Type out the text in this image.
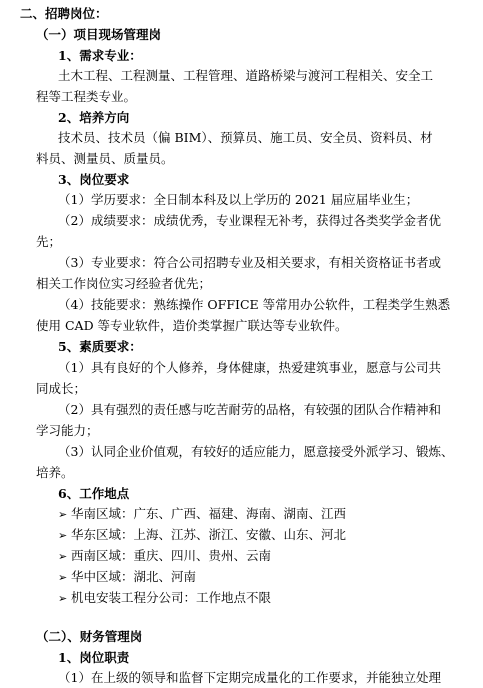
二、招聘岗位：
（一）项目现场管理岗
1、需求专业：
土木工程、工程测量、工程管理、道路桥梁与渡河工程相关、安全工
程等工程类专业。
2、培养方向
技术员、技术员（偏 BIM）、预算员、施工员、安全员、资料员、材
料员、测量员、质量员。
3、岗位要求
（1）学历要求：全日制本科及以上学历的 2021 届应届毕业生；
（2）成绩要求：成绩优秀，专业课程无补考，获得过各类奖学金者优
先；
（3）专业要求：符合公司招聘专业及相关要求，有相关资格证书者或
相关工作岗位实习经验者优先；
（4）技能要求：熟练操作 OFFICE 等常用办公软件，工程类学生熟悉
使用 CAD 等专业软件，造价类掌握广联达等专业软件。
5、素质要求：
（1）具有良好的个人修养，身体健康，热爱建筑事业，愿意与公司共
同成长；
（2）具有强烈的责任感与吃苦耐劳的品格，有较强的团队合作精神和
学习能力；
（3）认同企业价值观，有较好的适应能力，愿意接受外派学习、锻炼、
培养。
6、工作地点
➢ 华南区域：广东、广西、福建、海南、湖南、江西
➢ 华东区域：上海、江苏、浙江、安徽、山东、河北
➢ 西南区域：重庆、四川、贵州、云南
➢ 华中区域：湖北、河南
➢ 机电安装工程分公司：工作地点不限
（二）、财务管理岗
1、岗位职责
（1）在上级的领导和监督下定期完成量化的工作要求，并能独立处理
